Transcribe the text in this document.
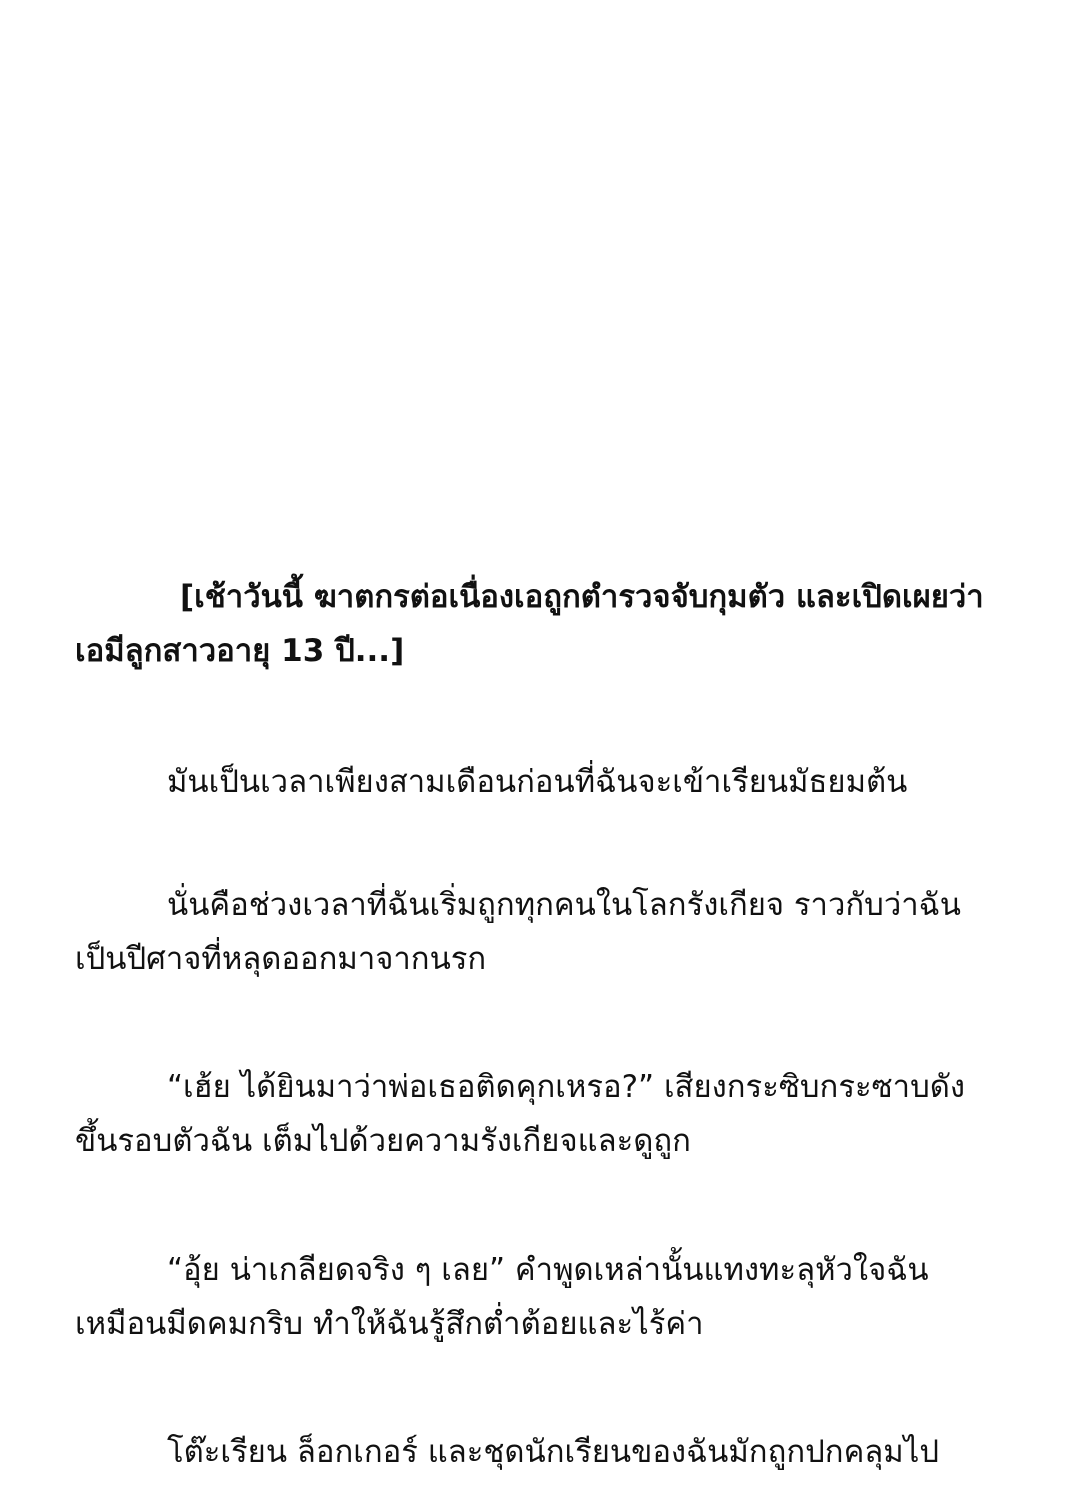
[เช้าวันนี้ ฆาตกรต่อเนื่องเอถูกตำรวจจับกุมตัว และเปิดเผยว่าเอมีลูกสาวอายุ 13 ปี...]
มันเป็นเวลาเพียงสามเดือนก่อนที่ฉันจะเข้าเรียนมัธยมต้น
นั่นคือช่วงเวลาที่ฉันเริ่มถูกทุกคนในโลกรังเกียจ ราวกับว่าฉันเป็นปีศาจที่หลุดออกมาจากนรก
“เฮ้ย ได้ยินมาว่าพ่อเธอติดคุกเหรอ?” เสียงกระซิบกระซาบดังขึ้นรอบตัวฉัน เต็มไปด้วยความรังเกียจและดูถูก
“อุ้ย น่าเกลียดจริง ๆ เลย” คำพูดเหล่านั้นแทงทะลุหัวใจฉันเหมือนมีดคมกริบ ทำให้ฉันรู้สึกต่ำต้อยและไร้ค่า
โต๊ะเรียน ล็อกเกอร์ และชุดนักเรียนของฉันมักถูกปกคลุมไป
